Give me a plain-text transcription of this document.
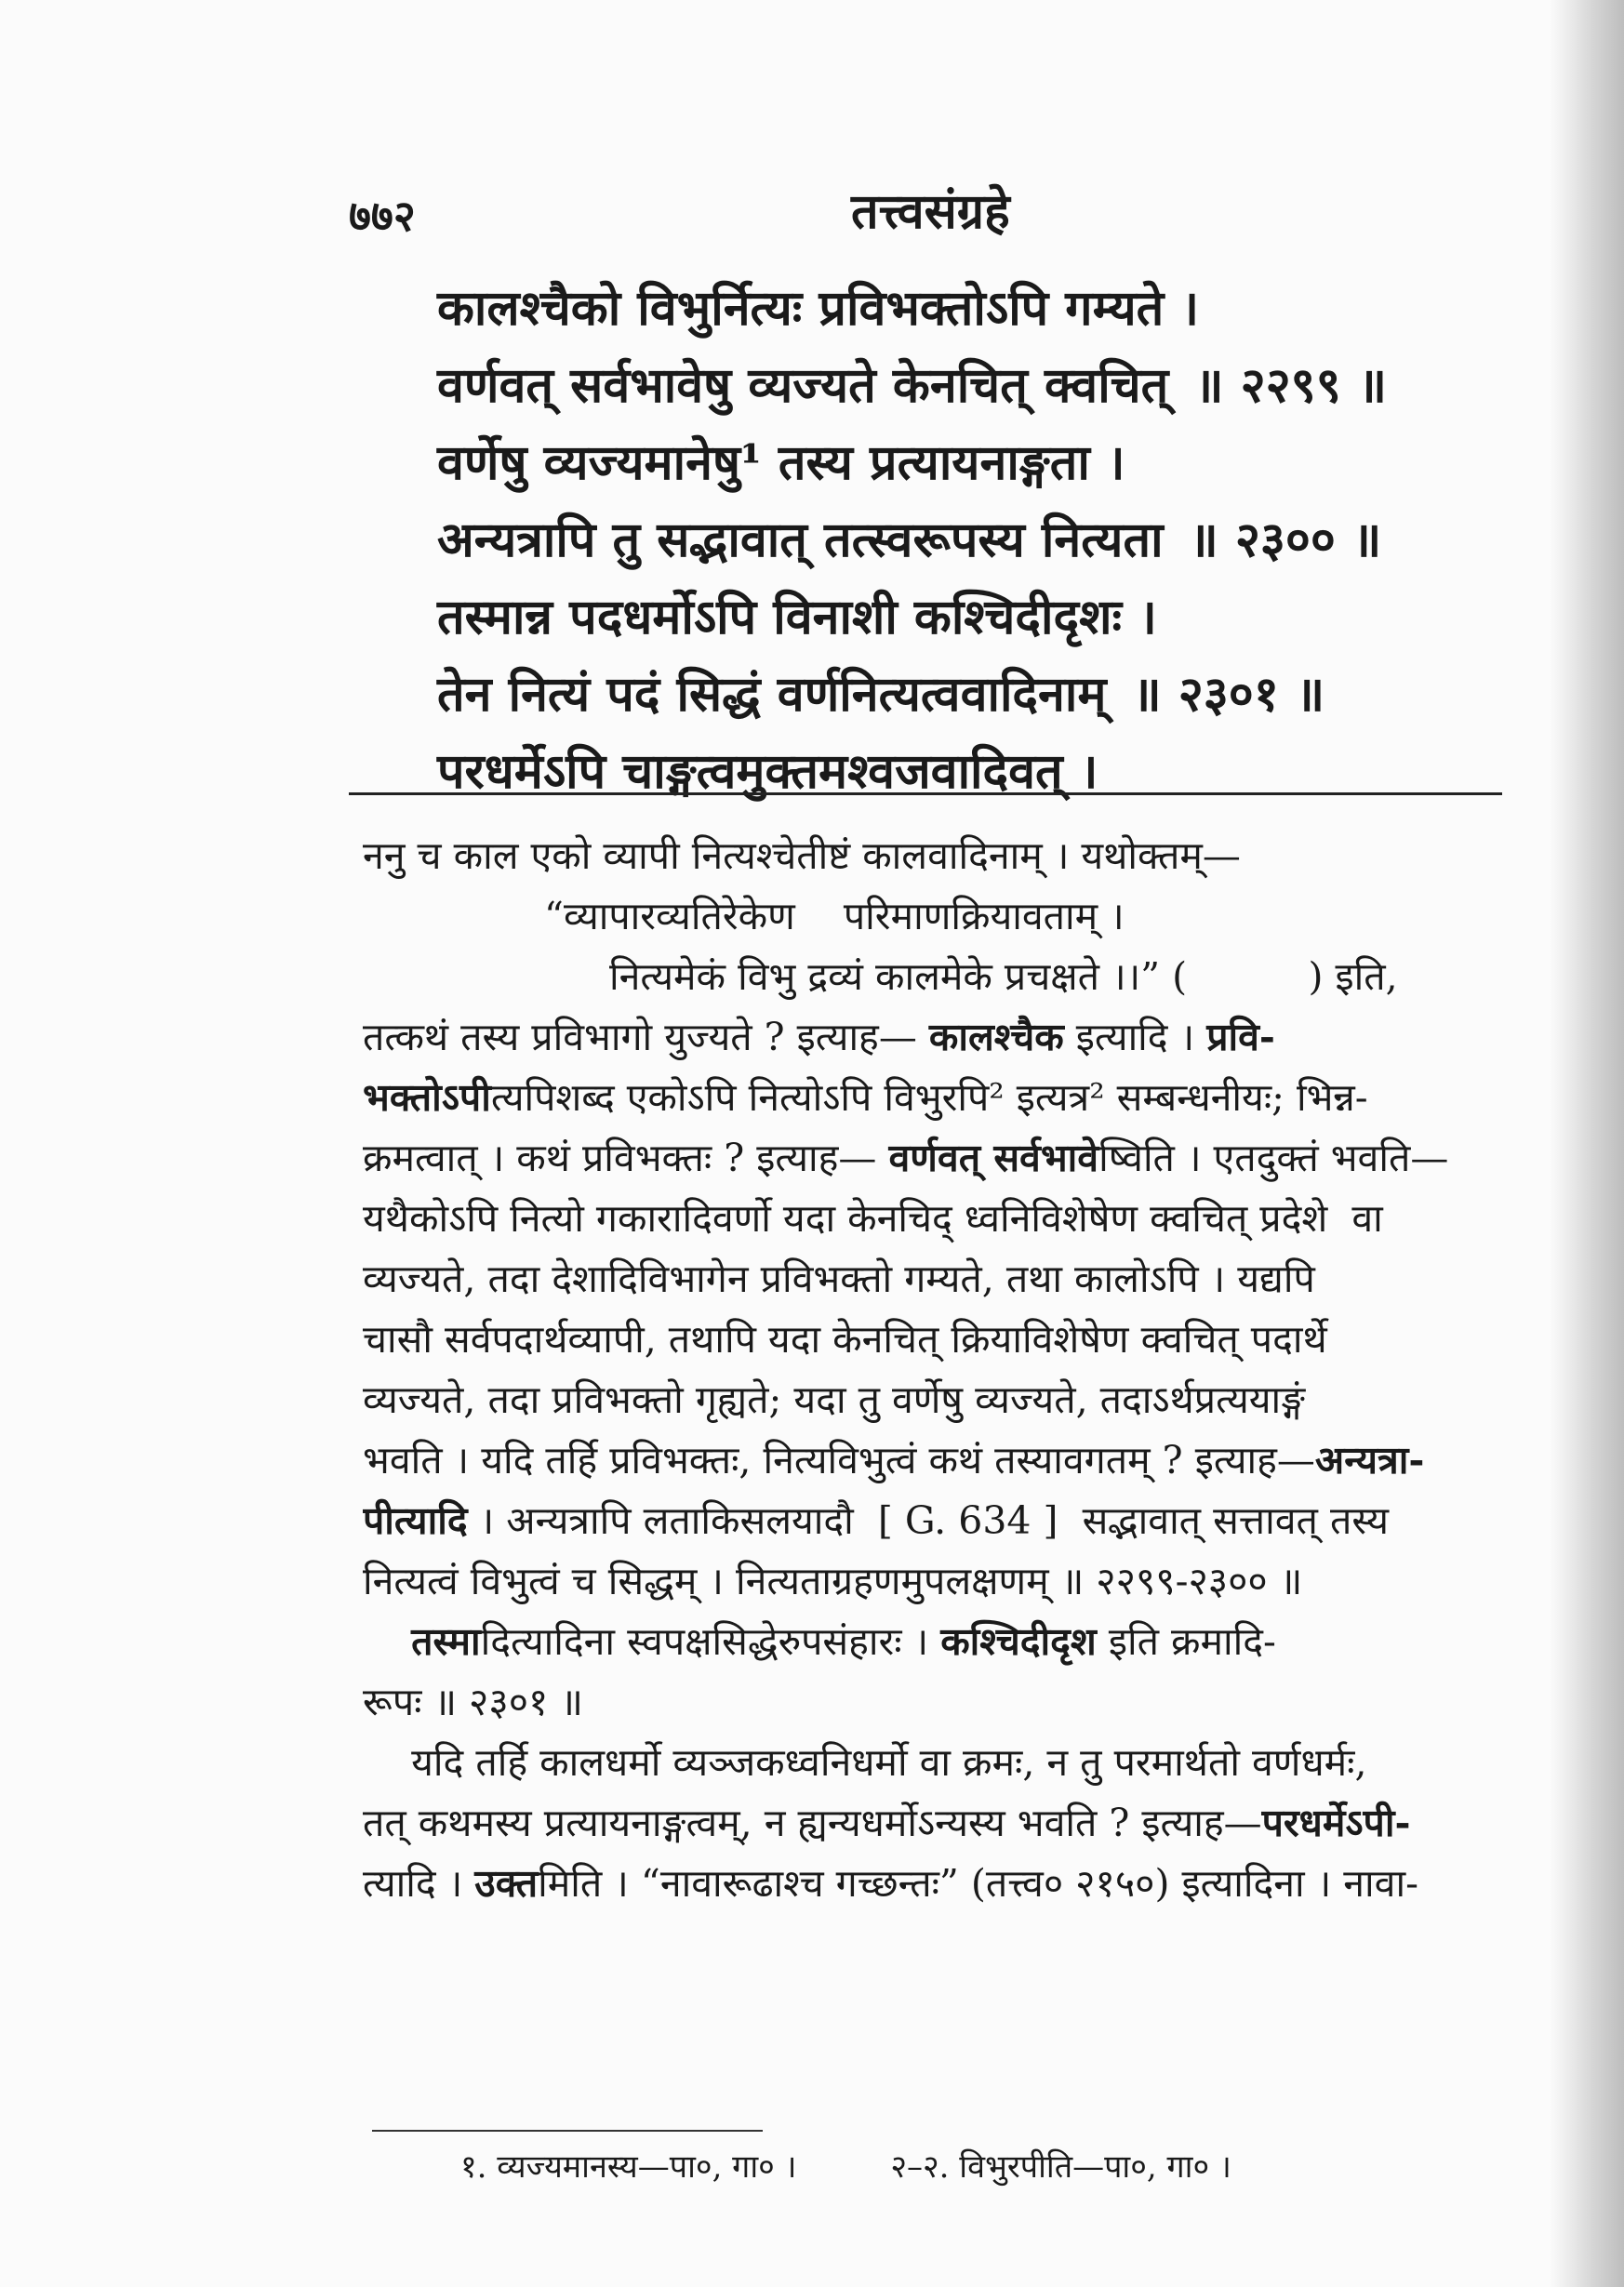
७७२	तत्त्वसंग्रहे
कालश्चैको विभुर्नित्यः प्रविभक्तोऽपि गम्यते ।
वर्णवत् सर्वभावेषु व्यज्यते केनचित् क्वचित् ॥ २२९९ ॥
वर्णेषु व्यज्यमानेषु¹ तस्य प्रत्यायनाङ्गता ।
अन्यत्रापि तु सद्भावात् तत्स्वरूपस्य नित्यता ॥ २३०० ॥
तस्मान्न पदधर्मोऽपि विनाशी कश्चिदीदृशः ।
तेन नित्यं पदं सिद्धं वर्णनित्यत्ववादिनाम् ॥ २३०१ ॥
परधर्मेऽपि चाङ्गत्वमुक्तमश्वजवादिवत् ।
ननु च काल एको व्यापी नित्यश्चेतीष्टं कालवादिनाम् । यथोक्तम्—
“व्यापारव्यतिरेकेण    परिमाणक्रियावताम् ।
नित्यमेकं विभु द्रव्यं कालमेके प्रचक्षते ।।” (          ) इति,
तत्कथं तस्य प्रविभागो युज्यते ? इत्याह— कालश्चैक इत्यादि । प्रवि-
भक्तोऽपीत्यपिशब्द एकोऽपि नित्योऽपि विभुरपि² इत्यत्र² सम्बन्धनीयः; भिन्न-
क्रमत्वात् । कथं प्रविभक्तः ? इत्याह— वर्णवत् सर्वभावेष्विति । एतदुक्तं भवति—
यथैकोऽपि नित्यो गकारादिवर्णो यदा केनचिद् ध्वनिविशेषेण क्वचित् प्रदेशे  वा
व्यज्यते, तदा देशादिविभागेन प्रविभक्तो गम्यते, तथा कालोऽपि । यद्यपि
चासौ सर्वपदार्थव्यापी, तथापि यदा केनचित् क्रियाविशेषेण क्वचित् पदार्थे
व्यज्यते, तदा प्रविभक्तो गृह्यते; यदा तु वर्णेषु व्यज्यते, तदाऽर्थप्रत्ययाङ्गं
भवति । यदि तर्हि प्रविभक्तः, नित्यविभुत्वं कथं तस्यावगतम् ? इत्याह—अन्यत्रा-
पीत्यादि । अन्यत्रापि लताकिसलयादौ  [ G. 634 ]  सद्भावात् सत्तावत् तस्य
नित्यत्वं विभुत्वं च सिद्धम् । नित्यताग्रहणमुपलक्षणम् ॥ २२९९-२३०० ॥
तस्मादित्यादिना स्वपक्षसिद्धेरुपसंहारः । कश्चिदीदृश इति क्रमादि-
रूपः ॥ २३०१ ॥
यदि तर्हि कालधर्मो व्यञ्जकध्वनिधर्मो वा क्रमः, न तु परमार्थतो वर्णधर्मः,
तत् कथमस्य प्रत्यायनाङ्गत्वम्, न ह्यन्यधर्मोऽन्यस्य भवति ? इत्याह—परधर्मेऽपी-
त्यादि । उक्तमिति । “नावारूढाश्च गच्छन्तः” (तत्त्व० २१५०) इत्यादिना । नावा-
१. व्यज्यमानस्य—पा०, गा० ।	२–२. विभुरपीति—पा०, गा० ।
